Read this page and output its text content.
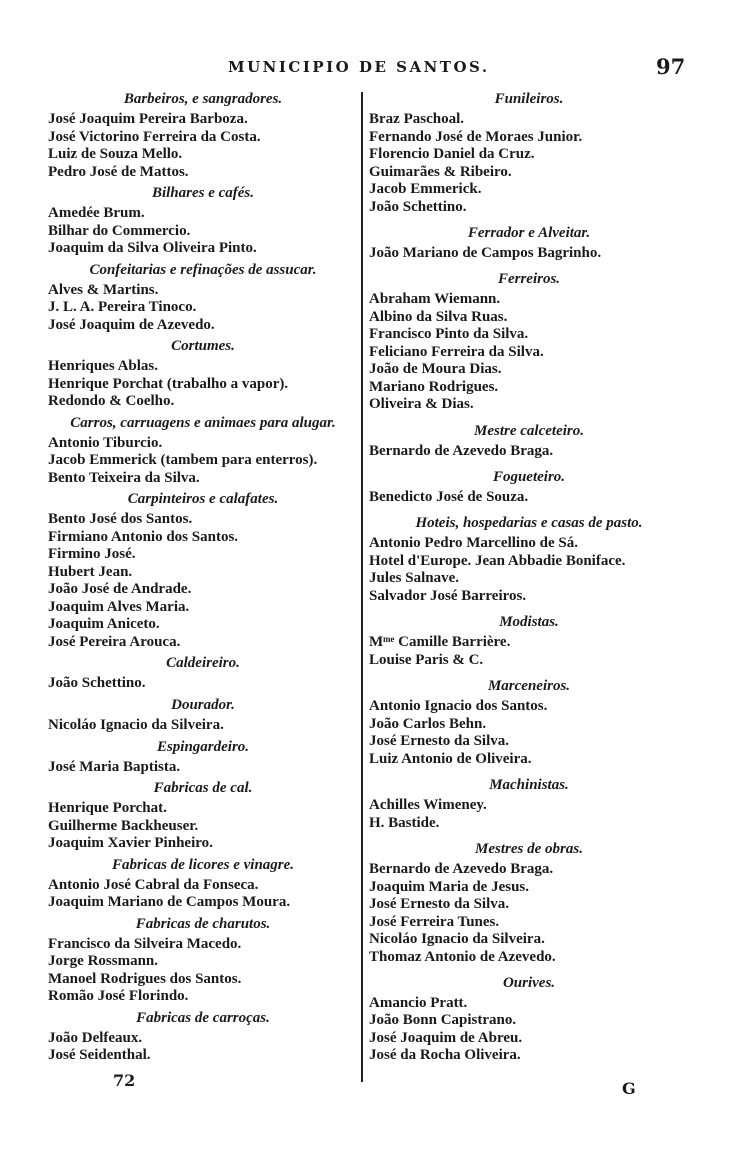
MUNICIPIO DE SANTOS.	97
Barbeiros, e sangradores.
José Joaquim Pereira Barboza.
José Victorino Ferreira da Costa.
Luiz de Souza Mello.
Pedro José de Mattos.
Bilhares e cafés.
Amedée Brum.
Bilhar do Commercio.
Joaquim da Silva Oliveira Pinto.
Confeitarias e refinações de assucar.
Alves & Martins.
J. L. A. Pereira Tinoco.
José Joaquim de Azevedo.
Cortumes.
Henriques Ablas.
Henrique Porchat (trabalho a vapor).
Redondo & Coelho.
Carros, carruagens e animaes para alugar.
Antonio Tiburcio.
Jacob Emmerick (tambem para enterros).
Bento Teixeira da Silva.
Carpinteiros e calafates.
Bento José dos Santos.
Firmiano Antonio dos Santos.
Firmino José.
Hubert Jean.
João José de Andrade.
Joaquim Alves Maria.
Joaquim Aniceto.
José Pereira Arouca.
Caldeireiro.
João Schettino.
Dourador.
Nicoláo Ignacio da Silveira.
Espingardeiro.
José Maria Baptista.
Fabricas de cal.
Henrique Porchat.
Guilherme Backheuser.
Joaquim Xavier Pinheiro.
Fabricas de licores e vinagre.
Antonio José Cabral da Fonseca.
Joaquim Mariano de Campos Moura.
Fabricas de charutos.
Francisco da Silveira Macedo.
Jorge Rossmann.
Manoel Rodrigues dos Santos.
Romão José Florindo.
Fabricas de carroças.
João Delfeaux.
José Seidenthal.
Funileiros.
Braz Paschoal.
Fernando José de Moraes Junior.
Florencio Daniel da Cruz.
Guimarães & Ribeiro.
Jacob Emmerick.
João Schettino.
Ferrador e Alveitar.
João Mariano de Campos Bagrinho.
Ferreiros.
Abraham Wiemann.
Albino da Silva Ruas.
Francisco Pinto da Silva.
Feliciano Ferreira da Silva.
João de Moura Dias.
Mariano Rodrigues.
Oliveira & Dias.
Mestre calceteiro.
Bernardo de Azevedo Braga.
Fogueteiro.
Benedicto José de Souza.
Hoteis, hospedarias e casas de pasto.
Antonio Pedro Marcellino de Sá.
Hotel d'Europe. Jean Abbadie Boniface.
Jules Salnave.
Salvador José Barreiros.
Modistas.
Mᵐᵉ Camille Barrière.
Louise Paris & C.
Marceneiros.
Antonio Ignacio dos Santos.
João Carlos Behn.
José Ernesto da Silva.
Luiz Antonio de Oliveira.
Machinistas.
Achilles Wimeney.
H. Bastide.
Mestres de obras.
Bernardo de Azevedo Braga.
Joaquim Maria de Jesus.
José Ernesto da Silva.
José Ferreira Tunes.
Nicoláo Ignacio da Silveira.
Thomaz Antonio de Azevedo.
Ourives.
Amancio Pratt.
João Bonn Capistrano.
José Joaquim de Abreu.
José da Rocha Oliveira.
72	G
